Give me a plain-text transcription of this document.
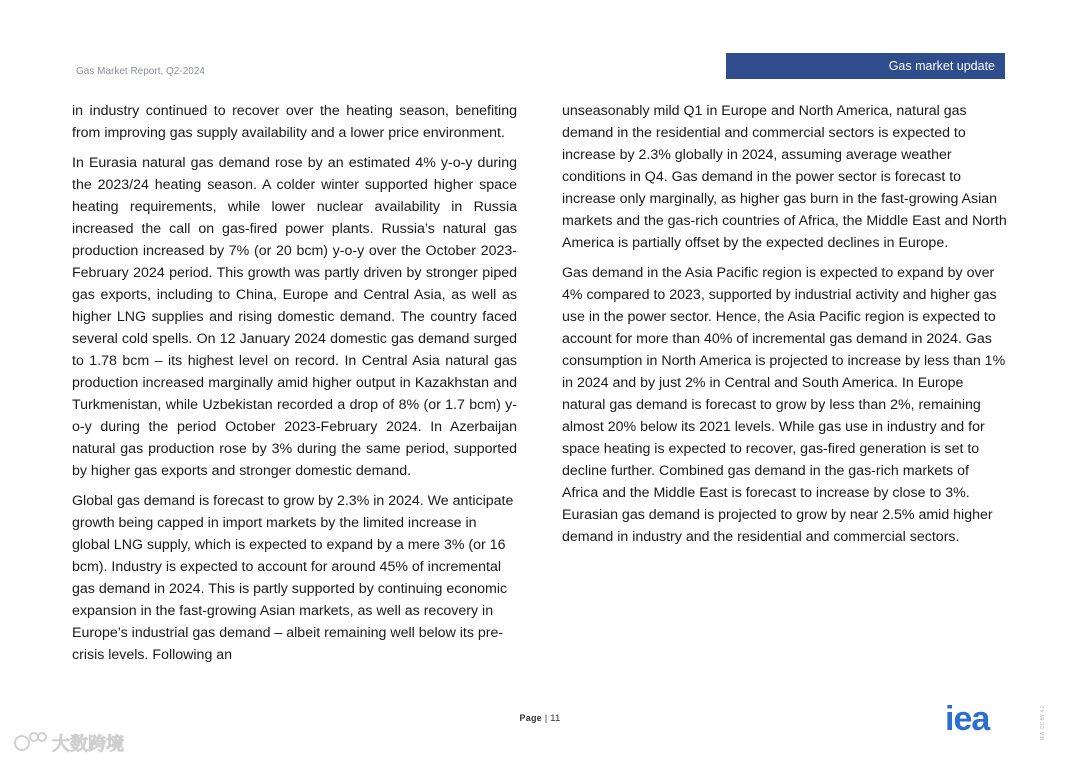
Gas Market Report, Q2-2024	Gas market update

in industry continued to recover over the heating season, benefiting from improving gas supply availability and a lower price environment.

In Eurasia natural gas demand rose by an estimated 4% y-o-y during the 2023/24 heating season. A colder winter supported higher space heating requirements, while lower nuclear availability in Russia increased the call on gas-fired power plants. Russia’s natural gas production increased by 7% (or 20 bcm) y-o-y over the October 2023-February 2024 period. This growth was partly driven by stronger piped gas exports, including to China, Europe and Central Asia, as well as higher LNG supplies and rising domestic demand. The country faced several cold spells. On 12 January 2024 domestic gas demand surged to 1.78 bcm – its highest level on record. In Central Asia natural gas production increased marginally amid higher output in Kazakhstan and Turkmenistan, while Uzbekistan recorded a drop of 8% (or 1.7 bcm) y-o-y during the period October 2023-February 2024. In Azerbaijan natural gas production rose by 3% during the same period, supported by higher gas exports and stronger domestic demand.

Global gas demand is forecast to grow by 2.3% in 2024. We anticipate growth being capped in import markets by the limited increase in global LNG supply, which is expected to expand by a mere 3% (or 16 bcm). Industry is expected to account for around 45% of incremental gas demand in 2024. This is partly supported by continuing economic expansion in the fast-growing Asian markets, as well as recovery in Europe’s industrial gas demand – albeit remaining well below its pre-crisis levels. Following an

unseasonably mild Q1 in Europe and North America, natural gas demand in the residential and commercial sectors is expected to increase by 2.3% globally in 2024, assuming average weather conditions in Q4. Gas demand in the power sector is forecast to increase only marginally, as higher gas burn in the fast-growing Asian markets and the gas-rich countries of Africa, the Middle East and North America is partially offset by the expected declines in Europe.

Gas demand in the Asia Pacific region is expected to expand by over 4% compared to 2023, supported by industrial activity and higher gas use in the power sector. Hence, the Asia Pacific region is expected to account for more than 40% of incremental gas demand in 2024. Gas consumption in North America is projected to increase by less than 1% in 2024 and by just 2% in Central and South America. In Europe natural gas demand is forecast to grow by less than 2%, remaining almost 20% below its 2021 levels. While gas use in industry and for space heating is expected to recover, gas-fired generation is set to decline further. Combined gas demand in the gas-rich markets of Africa and the Middle East is forecast to increase by close to 3%. Eurasian gas demand is projected to grow by near 2.5% amid higher demand in industry and the residential and commercial sectors.

Page | 11	iea	IEA. CC BY 4.0.
大数跨境
